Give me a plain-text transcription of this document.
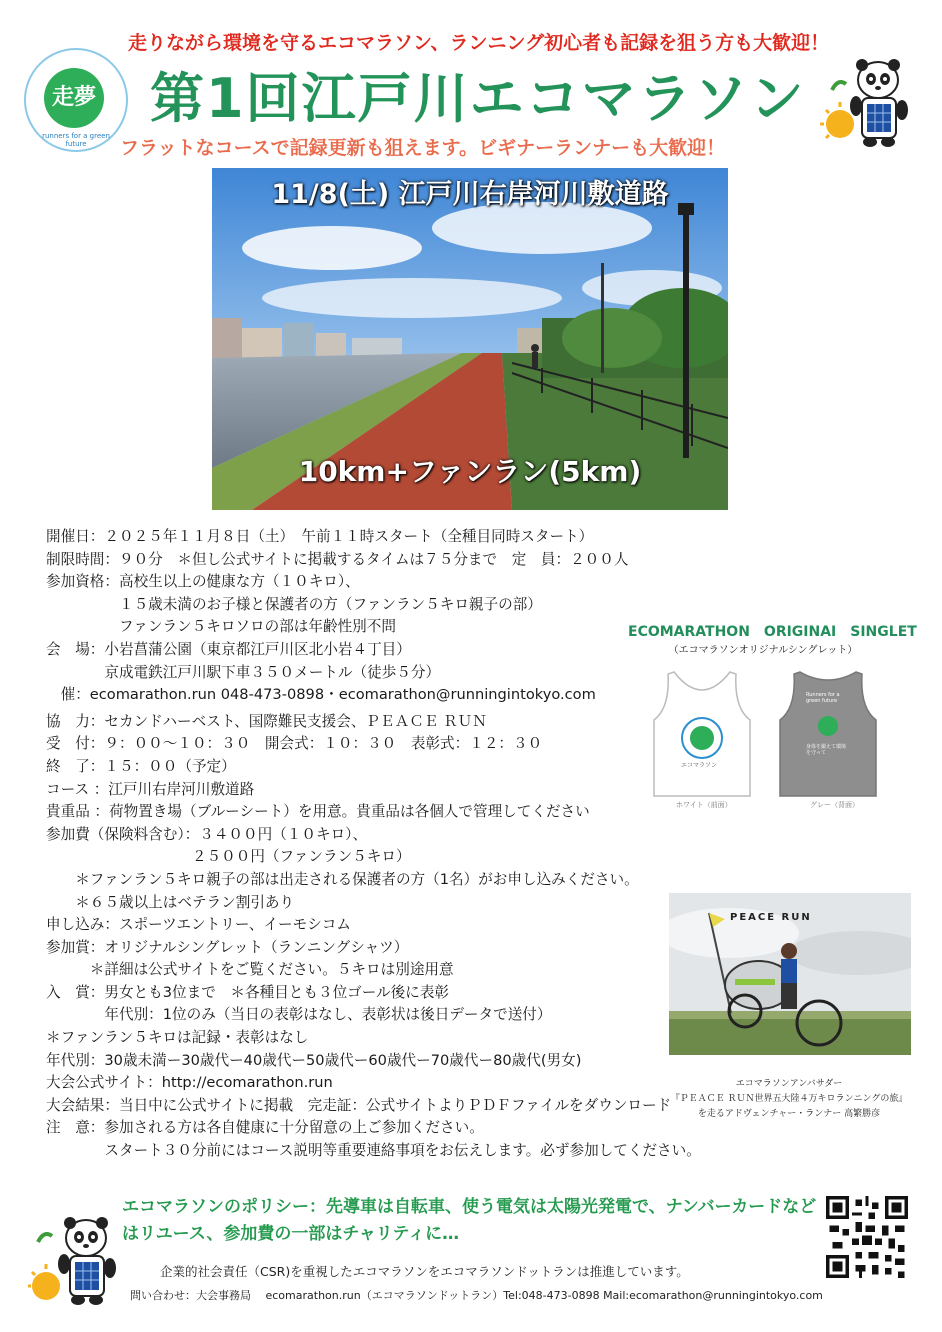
走りながら環境を守るエコマラソン、ランニング初心者も記録を狙う方も大歓迎！
走夢
runners for a green future
第1回江戸川エコマラソン
フラットなコースで記録更新も狙えます。ビギナーランナーも大歓迎！
11/8(土) 江戸川右岸河川敷道路
10km+ファンラン(5km)
開催日：２０２５年１１月８日（土）　午前１１時スタート（全種目同時スタート）
制限時間：９０分　＊但し公式サイトに掲載するタイムは７５分まで　定　員：２００人
参加資格：高校生以上の健康な方（１０キロ）、
　　　　　１５歳未満のお子様と保護者の方（ファンラン５キロ親子の部）
　　　　　ファンラン５キロソロの部は年齢性別不問
会　場：小岩菖蒲公園（東京都江戸川区北小岩４丁目）
　　　　京成電鉄江戸川駅下車３５０メートル（徒歩５分）
　催：ecomarathon.run 048-473-0898・ecomarathon@runningintokyo.com
協　力：セカンドハーベスト、国際難民支援会、ＰＥＡＣＥ ＲＵＮ
受　付：９：００〜１０：３０　開会式：１０：３０　表彰式：１２：３０
終　了：１５：００（予定）
コース ：江戸川右岸河川敷道路
貴重品 ：荷物置き場（ブルーシート）を用意。貴重品は各個人で管理してください
参加費（保険料含む）：３４００円（１０キロ）、
　　　　　　　　　　２５００円（ファンラン５キロ）
　　＊ファンラン５キロ親子の部は出走される保護者の方（1名）がお申し込みください。
　　＊６５歳以上はベテラン割引あり
申し込み：スポーツエントリー、イーモシコム
参加賞：オリジナルシングレット（ランニングシャツ）
　　　＊詳細は公式サイトをご覧ください。５キロは別途用意
入　賞：男女とも3位まで　＊各種目とも３位ゴール後に表彰
　　　　年代別：1位のみ（当日の表彰はなし、表彰状は後日データで送付）
＊ファンラン５キロは記録・表彰はなし
年代別：30歳未満ー30歳代ー40歳代ー50歳代ー60歳代ー70歳代ー80歳代(男女)
大会公式サイト：http://ecomarathon.run
大会結果：当日中に公式サイトに掲載　完走証：公式サイトよりＰＤＦファイルをダウンロード
注　意：参加される方は各自健康に十分留意の上ご参加ください。
　　　　スタート３０分前にはコース説明等重要連絡事項をお伝えします。必ず参加してください。
ECOMARATHON　ORIGINAI　SINGLET
（エコマラソンオリジナルシングレット）
エコマラソン
ホワイト（前面）
Runners for a green future
身体を鍛えて環境を守って
グレー（背面）
PEACE RUN
エコマラソンアンバサダー
『ＰＥＡＣＥ ＲＵＮ世界五大陸４万キロランニングの旅』
を走るアドヴェンチャー・ランナー 高繁勝彦
エコマラソンのポリシー：先導車は自転車、使う電気は太陽光発電で、ナンバーカードなどはリユース、参加費の一部はチャリティに…
企業的社会責任（CSR)を重視したエコマラソンをエコマラソンドットランは推進しています。
問い合わせ：大会事務局　 ecomarathon.run（エコマラソンドットラン）Tel:048-473-0898 Mail:ecomarathon@runningintokyo.com
